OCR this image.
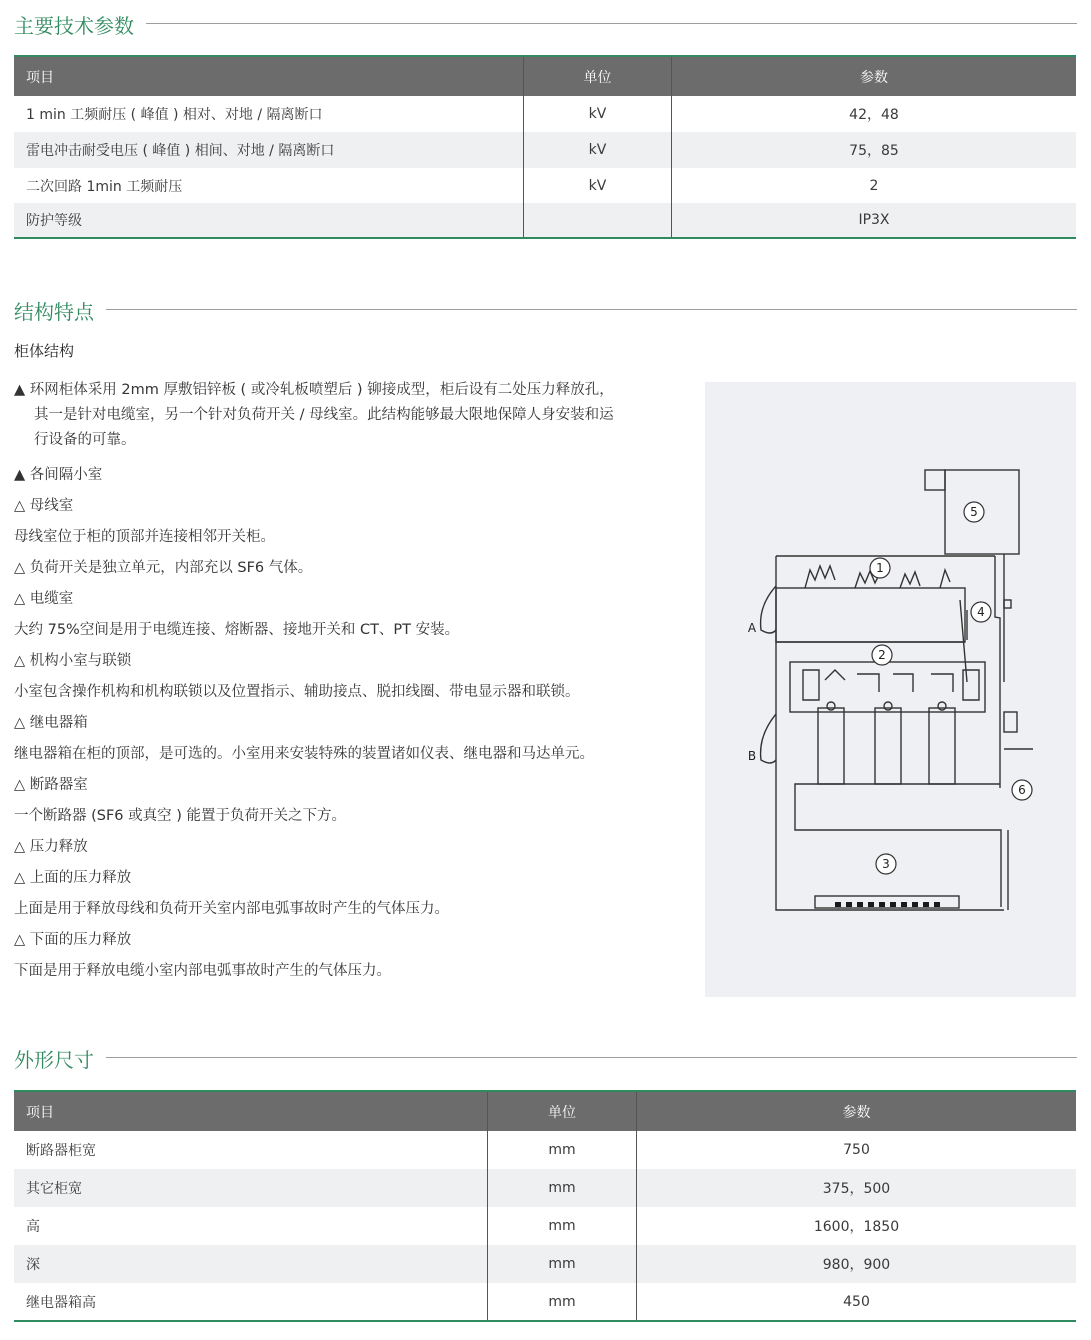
主要技术参数
项目	单位	参数
1 min 工频耐压 ( 峰值 ) 相对、对地 / 隔离断口	kV	42，48
雷电冲击耐受电压 ( 峰值 ) 相间、对地 / 隔离断口	kV	75，85
二次回路 1min 工频耐压	kV	2
防护等级		IP3X
结构特点
柜体结构
▲ 环网柜体采用 2mm 厚敷铝锌板 ( 或冷轧板喷塑后 ) 铆接成型，柜后设有二处压力释放孔，其一是针对电缆室，另一个针对负荷开关 / 母线室。此结构能够最大限地保障人身安装和运行设备的可靠。
▲ 各间隔小室
△ 母线室
母线室位于柜的顶部并连接相邻开关柜。
△ 负荷开关是独立单元，内部充以 SF6 气体。
△ 电缆室
大约 75%空间是用于电缆连接、熔断器、接地开关和 CT、PT 安装。
△ 机构小室与联锁
小室包含操作机构和机构联锁以及位置指示、辅助接点、脱扣线圈、带电显示器和联锁。
△ 继电器箱
继电器箱在柜的顶部，是可选的。小室用来安装特殊的装置诸如仪表、继电器和马达单元。
△ 断路器室
一个断路器 (SF6 或真空 ) 能置于负荷开关之下方。
△ 压力释放
△ 上面的压力释放
上面是用于释放母线和负荷开关室内部电弧事故时产生的气体压力。
△ 下面的压力释放
下面是用于释放电缆小室内部电弧事故时产生的气体压力。
5
1
4
2
6
3
A
B
外形尺寸
项目	单位	参数
断路器柜宽	mm	750
其它柜宽	mm	375，500
高	mm	1600，1850
深	mm	980，900
继电器箱高	mm	450
